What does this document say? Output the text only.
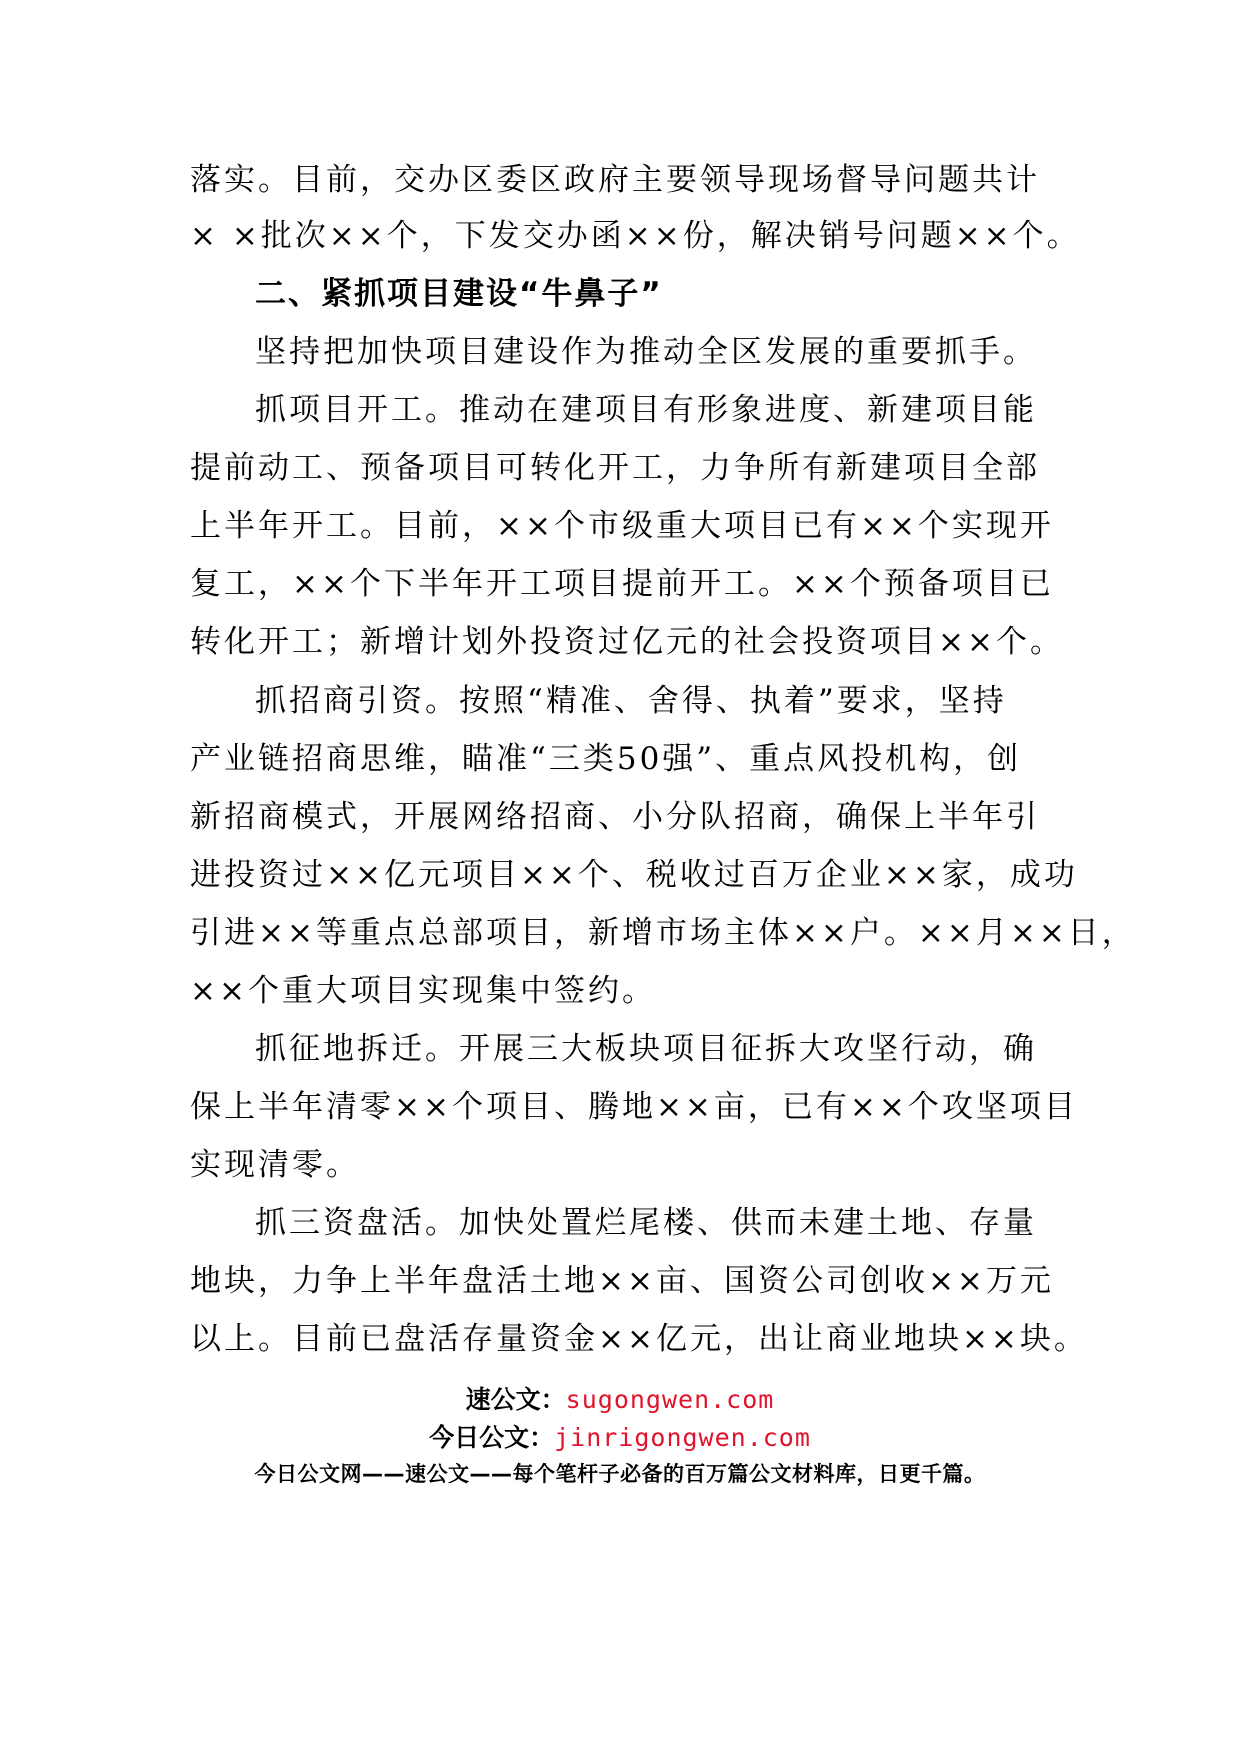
落实。目前，交办区委区政府主要领导现场督导问题共计
× ×批次××个，下发交办函××份，解决销号问题××个。
二、紧抓项目建设“牛鼻子”
坚持把加快项目建设作为推动全区发展的重要抓手。
抓项目开工。推动在建项目有形象进度、新建项目能
提前动工、预备项目可转化开工，力争所有新建项目全部
上半年开工。目前，××个市级重大项目已有××个实现开
复工，××个下半年开工项目提前开工。××个预备项目已
转化开工；新增计划外投资过亿元的社会投资项目××个。
抓招商引资。按照“精准、舍得、执着”要求，坚持
产业链招商思维，瞄准“三类50强”、重点风投机构，创
新招商模式，开展网络招商、小分队招商，确保上半年引
进投资过××亿元项目××个、税收过百万企业××家，成功
引进××等重点总部项目，新增市场主体××户。××月××日，
××个重大项目实现集中签约。
抓征地拆迁。开展三大板块项目征拆大攻坚行动，确
保上半年清零××个项目、腾地××亩，已有××个攻坚项目
实现清零。
抓三资盘活。加快处置烂尾楼、供而未建土地、存量
地块，力争上半年盘活土地××亩、国资公司创收××万元
以上。目前已盘活存量资金××亿元，出让商业地块××块。
速公文：sugongwen.com
今日公文：jinrigongwen.com
今日公文网——速公文——每个笔杆子必备的百万篇公文材料库，日更千篇。
